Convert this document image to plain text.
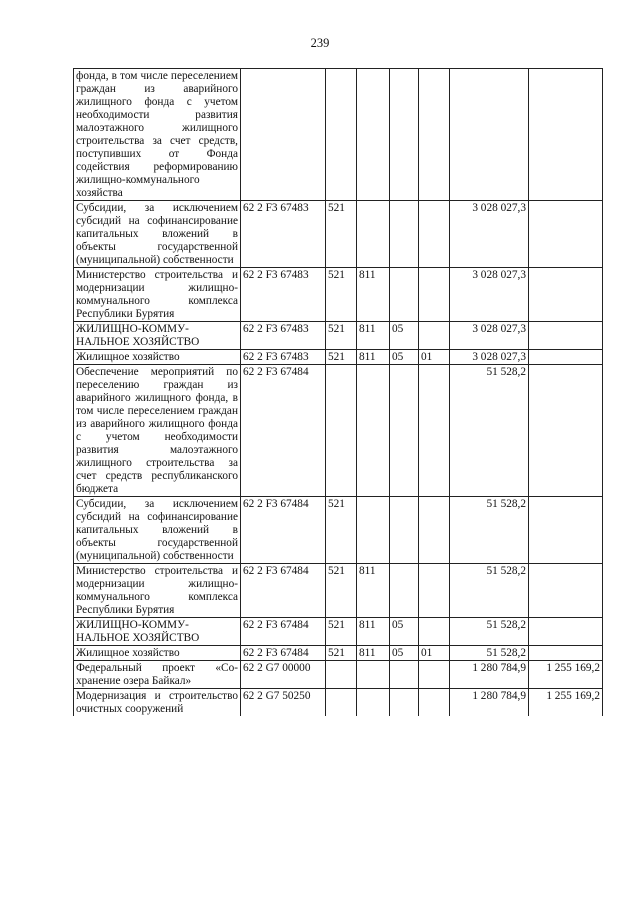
239
фонда, в том числе переселением граждан из аварийного жилищного фонда с учетом необходимости развития малоэтажного жилищного строительства за счет средств, поступивших от Фонда содействия реформированию жилищно-коммунального хозяйства							
Субсидии, за исключением субсидий на софинансирование капитальных вложений в объекты государственной (муниципальной) собственности	62 2 F3 67483	521				3 028 027,3	
Министерство строительства и модернизации жилищно-коммунального комплекса Республики Бурятия	62 2 F3 67483	521	811			3 028 027,3	
ЖИЛИЩНО-КОММУНАЛЬНОЕ ХОЗЯЙСТВО	62 2 F3 67483	521	811	05		3 028 027,3	
Жилищное хозяйство	62 2 F3 67483	521	811	05	01	3 028 027,3	
Обеспечение мероприятий по переселению граждан из аварийного жилищного фонда, в том числе переселением граждан из аварийного жилищного фонда с учетом необходимости развития малоэтажного жилищного строительства за счет средств республиканского бюджета	62 2 F3 67484					51 528,2	
Субсидии, за исключением субсидий на софинансирование капитальных вложений в объекты государственной (муниципальной) собственности	62 2 F3 67484	521				51 528,2	
Министерство строительства и модернизации жилищно-коммунального комплекса Республики Бурятия	62 2 F3 67484	521	811			51 528,2	
ЖИЛИЩНО-КОММУНАЛЬНОЕ ХОЗЯЙСТВО	62 2 F3 67484	521	811	05		51 528,2	
Жилищное хозяйство	62 2 F3 67484	521	811	05	01	51 528,2	
Федеральный проект «Сохранение озера Байкал»	62 2 G7 00000					1 280 784,9	1 255 169,2
Модернизация и строительство очистных сооружений	62 2 G7 50250					1 280 784,9	1 255 169,2
